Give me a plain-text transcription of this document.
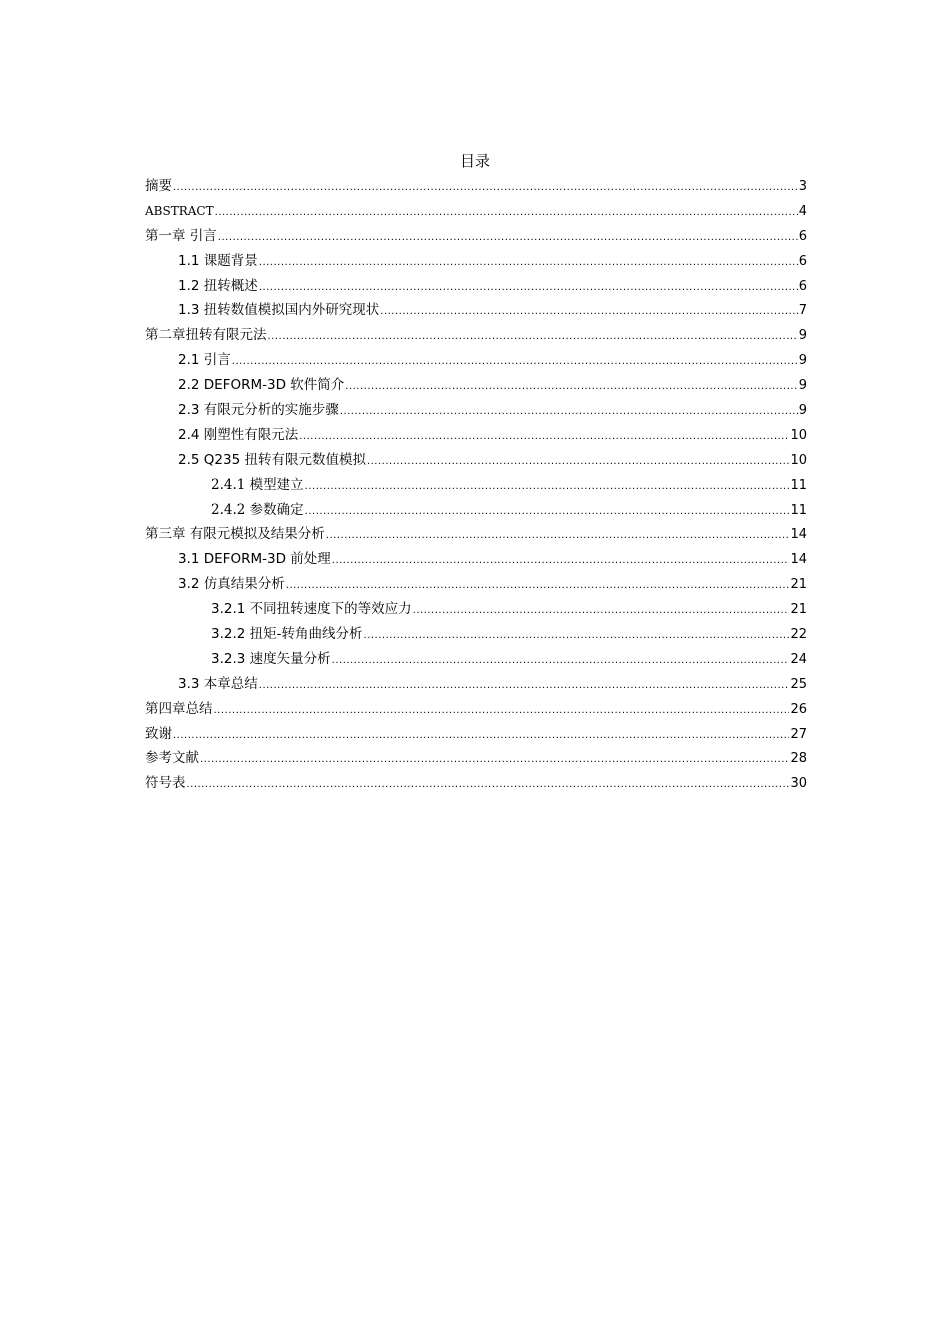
目录
摘要 .....	3
ABSTRACT .....	4
第一章 引言 .....	6
1.1 课题背景 .....	6
1.2 扭转概述 .....	6
1.3 扭转数值模拟国内外研究现状 .....	7
第二章扭转有限元法 .....	9
2.1 引言 .....	9
2.2 DEFORM-3D 软件简介 .....	9
2.3 有限元分析的实施步骤 .....	9
2.4 刚塑性有限元法 .....	10
2.5 Q235 扭转有限元数值模拟 .....	10
2.4.1 模型建立 .....	11
2.4.2 参数确定 .....	11
第三章 有限元模拟及结果分析 .....	14
3.1 DEFORM-3D 前处理 .....	14
3.2 仿真结果分析 .....	21
3.2.1 不同扭转速度下的等效应力 .....	21
3.2.2 扭矩-转角曲线分析 .....	22
3.2.3 速度矢量分析 .....	24
3.3 本章总结 .....	25
第四章总结 .....	26
致谢 .....	27
参考文献 .....	28
符号表 .....	30
